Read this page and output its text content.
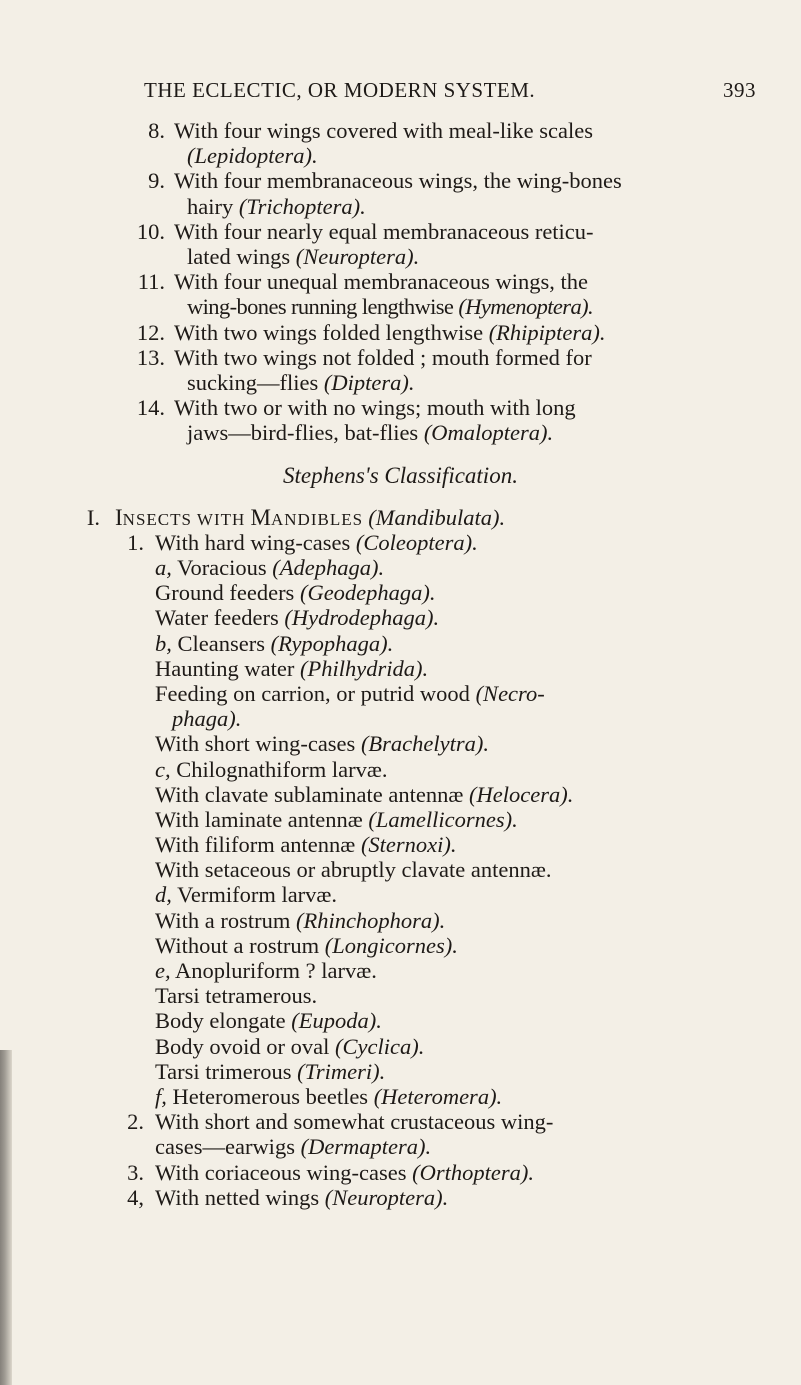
THE ECLECTIC, OR MODERN SYSTEM.	393
8. With four wings covered with meal-like scales
(Lepidoptera).
9. With four membranaceous wings, the wing-bones
hairy (Trichoptera).
10. With four nearly equal membranaceous reticu-
lated wings (Neuroptera).
11. With four unequal membranaceous wings, the
wing-bones running lengthwise (Hymenoptera).
12. With two wings folded lengthwise (Rhipiptera).
13. With two wings not folded ; mouth formed for
sucking—flies (Diptera).
14. With two or with no wings; mouth with long
jaws—bird-flies, bat-flies (Omaloptera).
Stephens's Classification.
I. INSECTS WITH MANDIBLES (Mandibulata).
1. With hard wing-cases (Coleoptera).
a, Voracious (Adephaga).
Ground feeders (Geodephaga).
Water feeders (Hydrodephaga).
b, Cleansers (Rypophaga).
Haunting water (Philhydrida).
Feeding on carrion, or putrid wood (Necro-
phaga).
With short wing-cases (Brachelytra).
c, Chilognathiform larvæ.
With clavate sublaminate antennæ (Helocera).
With laminate antennæ (Lamellicornes).
With filiform antennæ (Sternoxi).
With setaceous or abruptly clavate antennæ.
d, Vermiform larvæ.
With a rostrum (Rhinchophora).
Without a rostrum (Longicornes).
e, Anopluriform ? larvæ.
Tarsi tetramerous.
Body elongate (Eupoda).
Body ovoid or oval (Cyclica).
Tarsi trimerous (Trimeri).
f, Heteromerous beetles (Heteromera).
2. With short and somewhat crustaceous wing-
cases—earwigs (Dermaptera).
3. With coriaceous wing-cases (Orthoptera).
4, With netted wings (Neuroptera).
